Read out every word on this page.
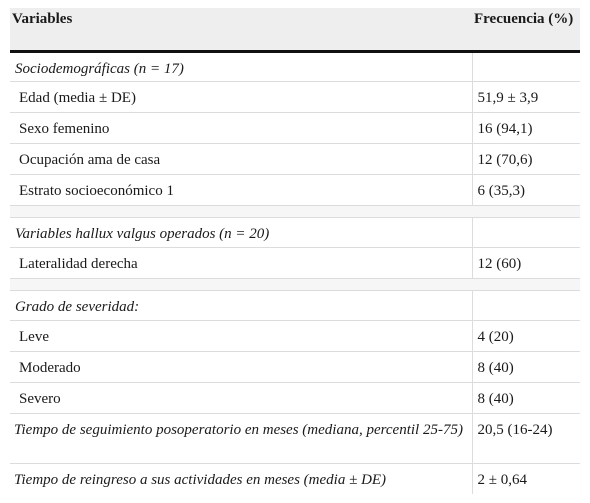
Variables	Frecuencia (%)
Sociodemográficas (n = 17)	
Edad (media ± DE)	51,9 ± 3,9
Sexo femenino	16 (94,1)
Ocupación ama de casa	12 (70,6)
Estrato socioeconómico 1	6 (35,3)

Variables hallux valgus operados (n = 20)	
Lateralidad derecha	12 (60)

Grado de severidad:	
Leve	4 (20)
Moderado	8 (40)
Severo	8 (40)
Tiempo de seguimiento posoperatorio en meses (mediana, percentil 25-75)	20,5 (16-24)
Tiempo de reingreso a sus actividades en meses (media ± DE)	2 ± 0,64
